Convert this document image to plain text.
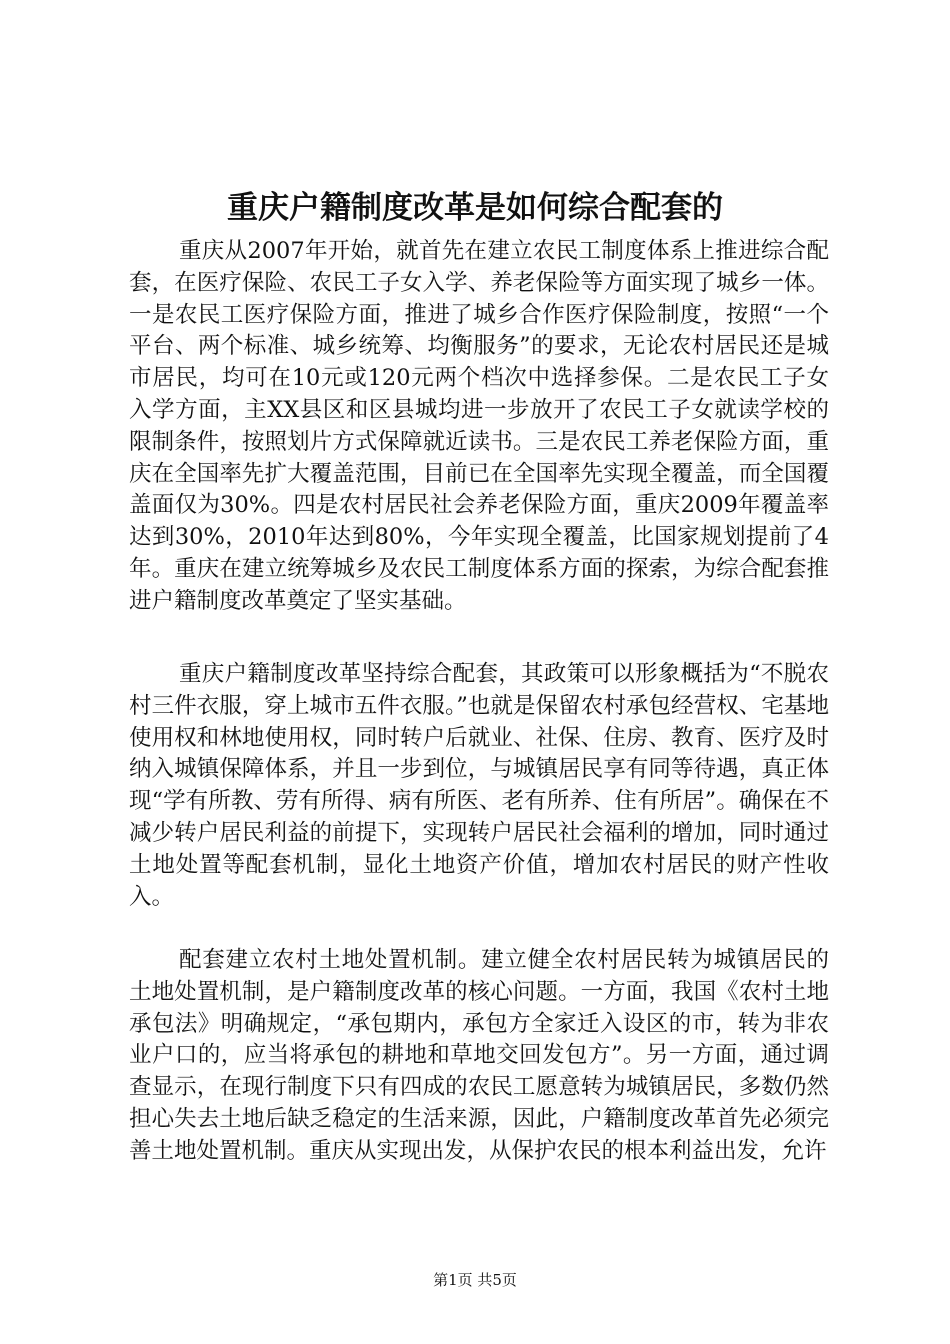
重庆户籍制度改革是如何综合配套的

重庆从2007年开始，就首先在建立农民工制度体系上推进综合配套，在医疗保险、农民工子女入学、养老保险等方面实现了城乡一体。一是农民工医疗保险方面，推进了城乡合作医疗保险制度，按照“一个平台、两个标准、城乡统筹、均衡服务”的要求，无论农村居民还是城市居民，均可在10元或120元两个档次中选择参保。二是农民工子女入学方面，主XX县区和区县城均进一步放开了农民工子女就读学校的限制条件，按照划片方式保障就近读书。三是农民工养老保险方面，重庆在全国率先扩大覆盖范围，目前已在全国率先实现全覆盖，而全国覆盖面仅为30%。四是农村居民社会养老保险方面，重庆2009年覆盖率达到30%，2010年达到80%，今年实现全覆盖，比国家规划提前了4年。重庆在建立统筹城乡及农民工制度体系方面的探索，为综合配套推进户籍制度改革奠定了坚实基础。

重庆户籍制度改革坚持综合配套，其政策可以形象概括为“不脱农村三件衣服，穿上城市五件衣服。”也就是保留农村承包经营权、宅基地使用权和林地使用权，同时转户后就业、社保、住房、教育、医疗及时纳入城镇保障体系，并且一步到位，与城镇居民享有同等待遇，真正体现“学有所教、劳有所得、病有所医、老有所养、住有所居”。确保在不减少转户居民利益的前提下，实现转户居民社会福利的增加，同时通过土地处置等配套机制，显化土地资产价值，增加农村居民的财产性收入。

配套建立农村土地处置机制。建立健全农村居民转为城镇居民的土地处置机制，是户籍制度改革的核心问题。一方面，我国《农村土地承包法》明确规定，“承包期内，承包方全家迁入设区的市，转为非农业户口的，应当将承包的耕地和草地交回发包方”。另一方面，通过调查显示，在现行制度下只有四成的农民工愿意转为城镇居民，多数仍然担心失去土地后缺乏稳定的生活来源，因此，户籍制度改革首先必须完善土地处置机制。重庆从实现出发，从保护农民的根本利益出发，允许

第1页 共5页
